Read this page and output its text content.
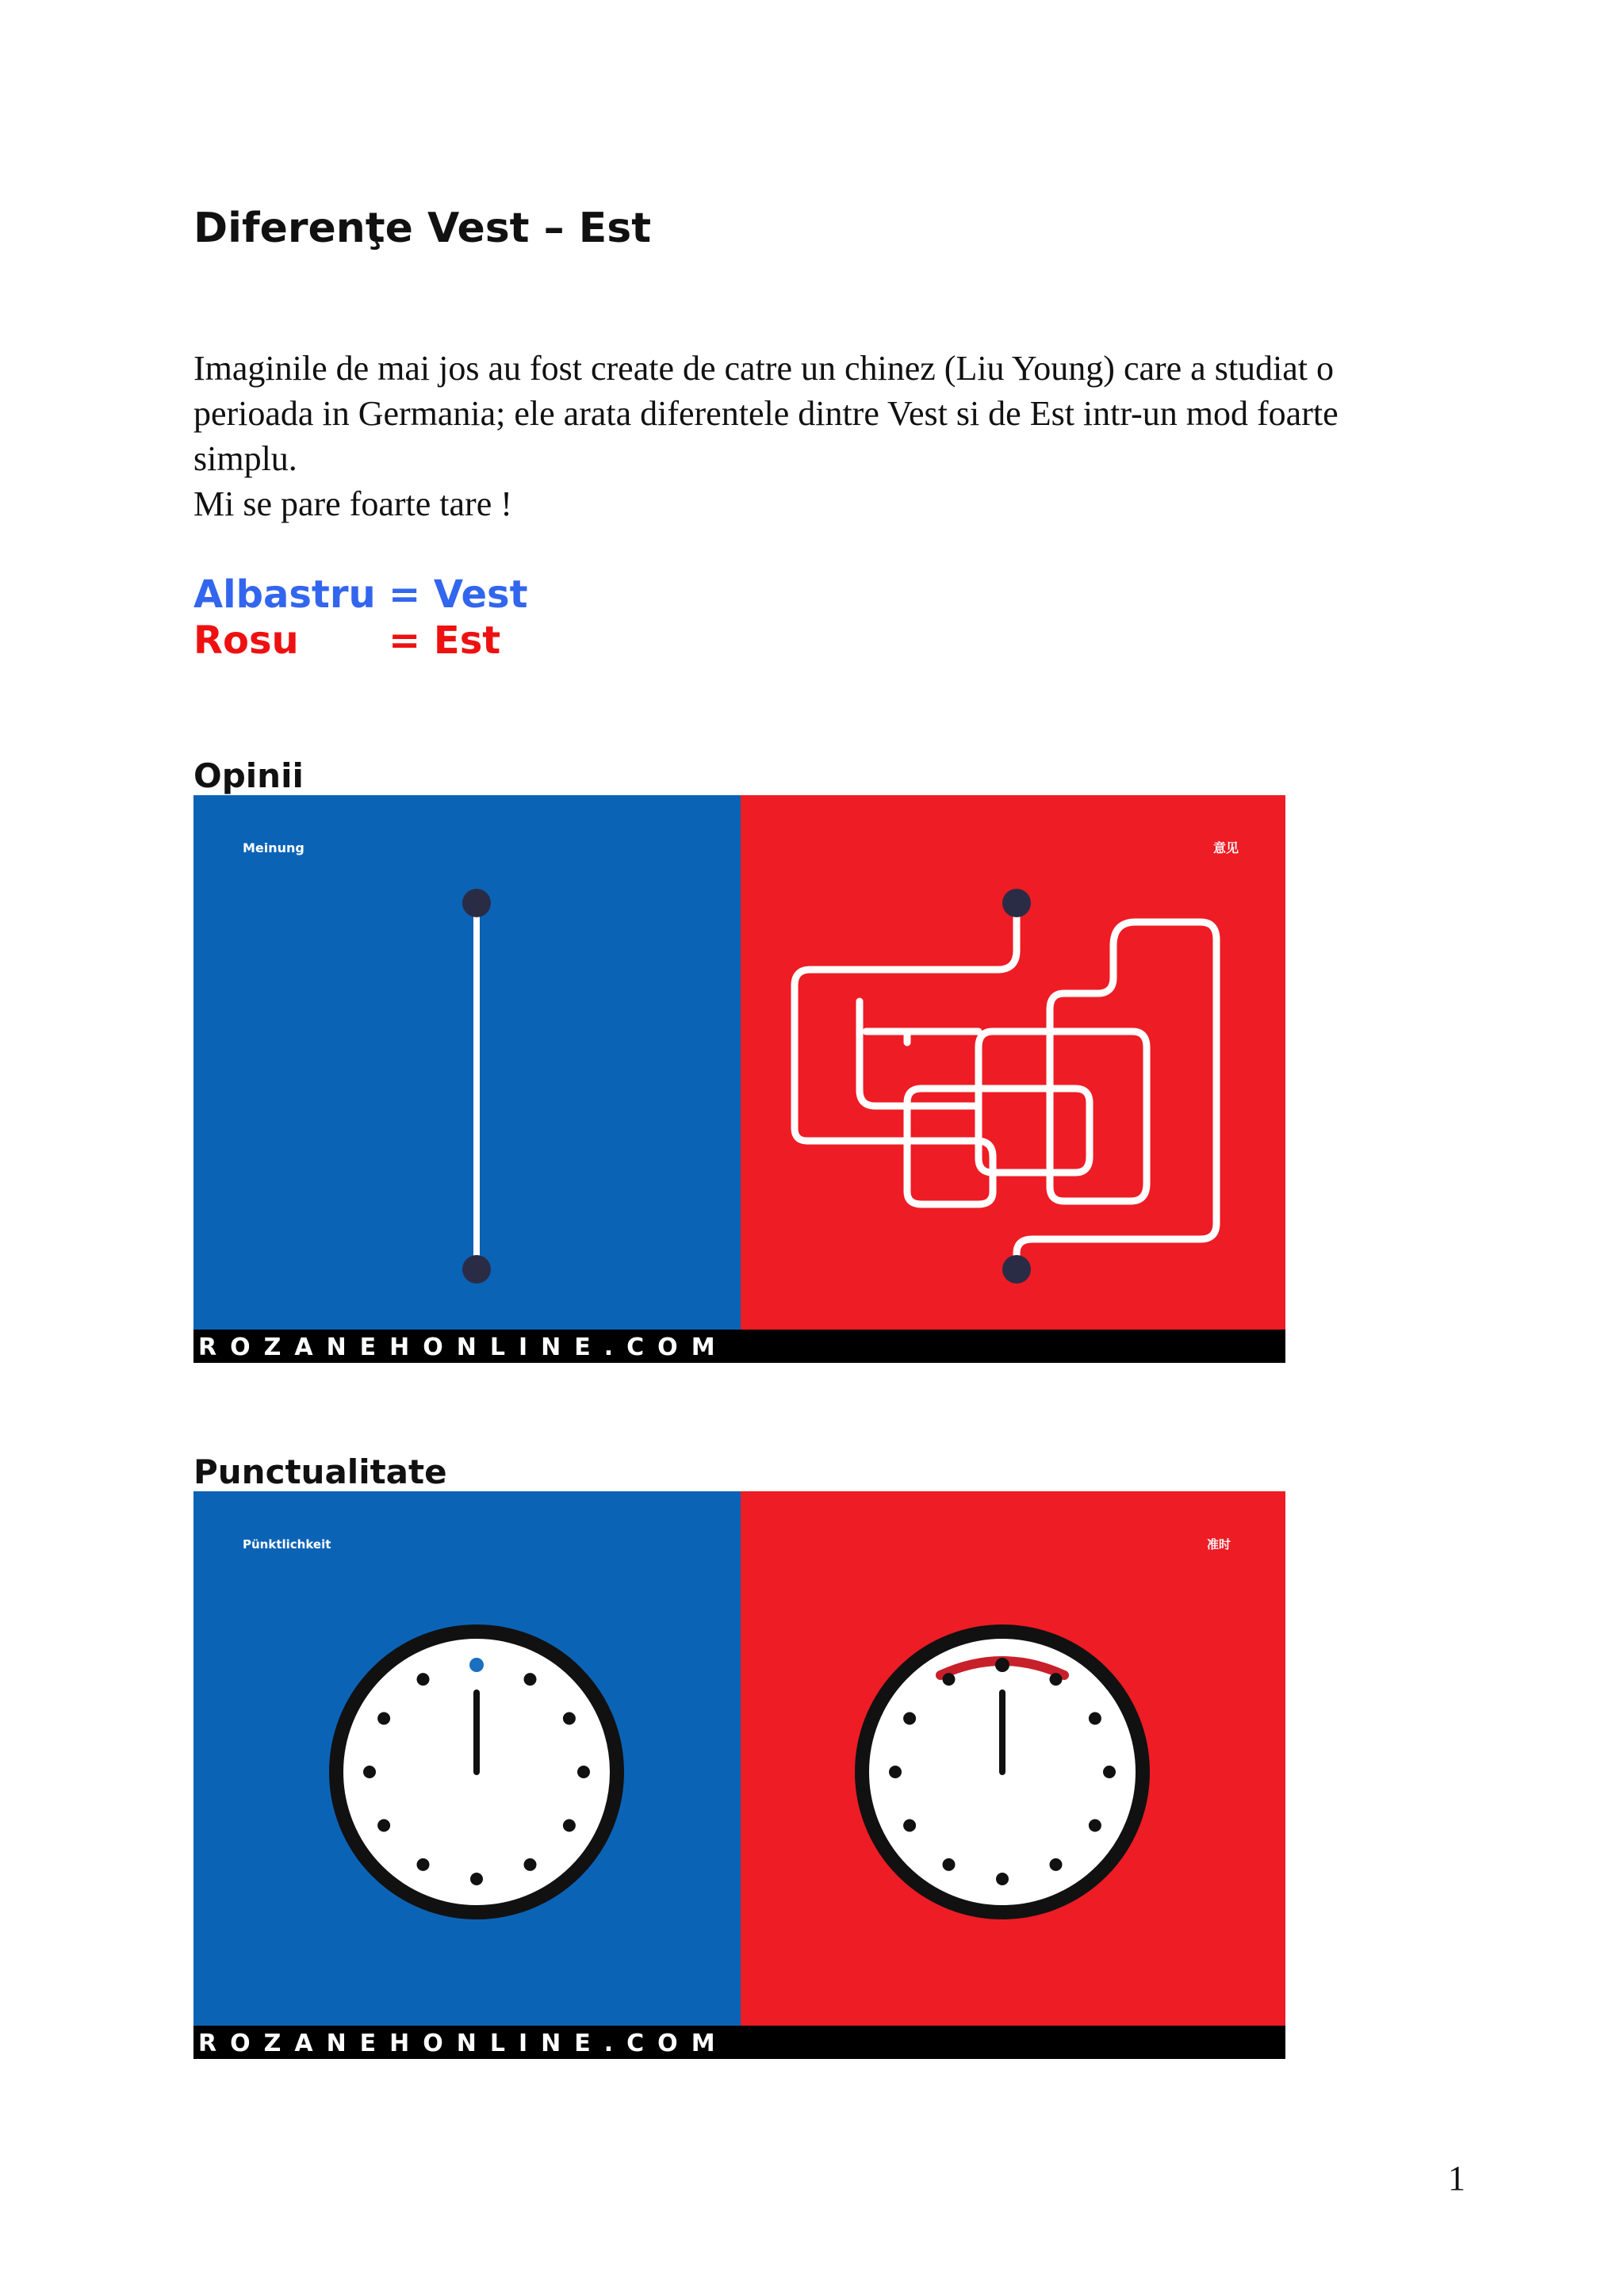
Diferenţe Vest – Est

Imaginile de mai jos au fost create de catre un chinez (Liu Young) care a studiat o

perioada in Germania; ele arata diferentele dintre Vest si de Est intr-un mod foarte

simplu.

Mi se pare foarte tare !

Albastru = Vest
Rosu = Est
Opinii
Meinung	意见
ROZANEHONLINE.COM
Punctualitate
Pünktlichkeit	准时
ROZANEHONLINE.COM
1
